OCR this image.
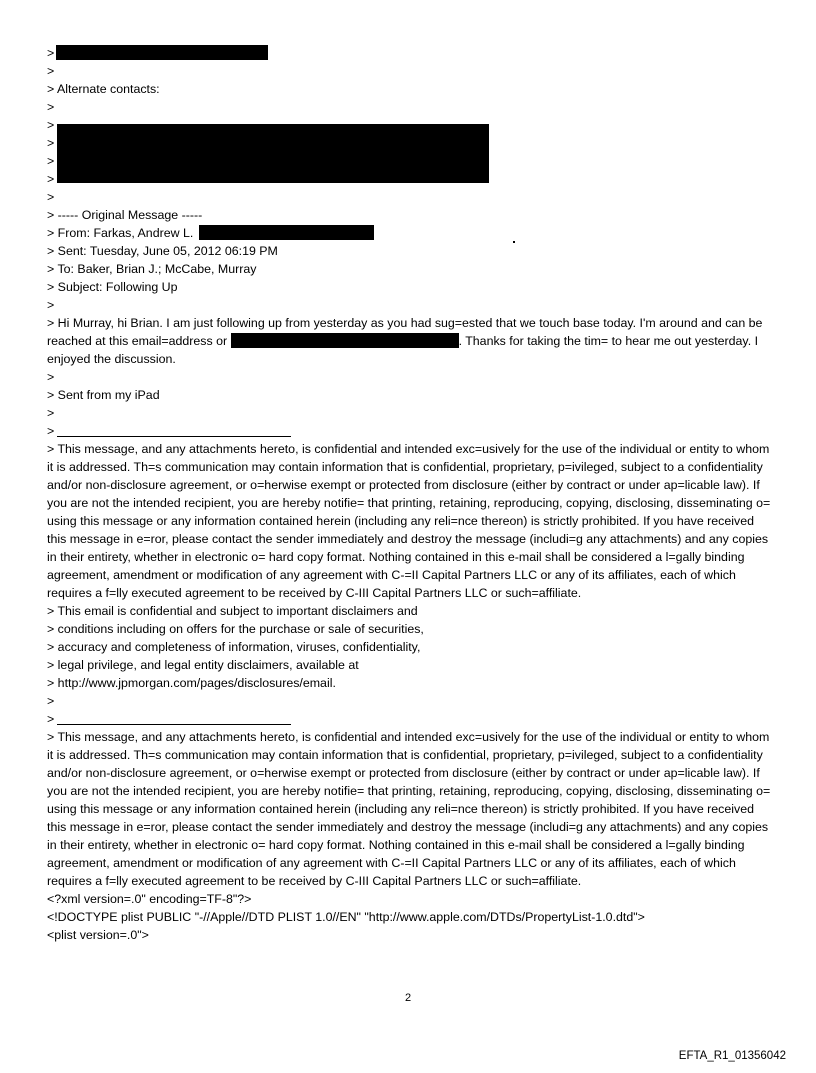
>
>
> Alternate contacts:
>
>
>
>
>
>
> ----- Original Message -----
> From: Farkas, Andrew L.
> Sent: Tuesday, June 05, 2012 06:19 PM
> To: Baker, Brian J.; McCabe, Murray
> Subject: Following Up
>
> Hi Murray, hi Brian. I am just following up from yesterday as you had sug=ested that we touch base today. I'm around and can be reached at this email=address or	. Thanks for taking the tim= to hear me out yesterday. I enjoyed the discussion.
>
> Sent from my iPad
>
>
> This message, and any attachments hereto, is confidential and intended exc=usively for the use of the individual or entity to whom it is addressed. Th=s communication may contain information that is confidential, proprietary, p=ivileged, subject to a confidentiality and/or non-disclosure agreement, or o=herwise exempt or protected from disclosure (either by contract or under ap=licable law). If you are not the intended recipient, you are hereby notifie= that printing, retaining, reproducing, copying, disclosing, disseminating o= using this message or any information contained herein (including any reli=nce thereon) is strictly prohibited. If you have received this message in e=ror, please contact the sender immediately and destroy the message (includi=g any attachments) and any copies in their entirety, whether in electronic o= hard copy format. Nothing contained in this e-mail shall be considered a l=gally binding agreement, amendment or modification of any agreement with C-=II Capital Partners LLC or any of its affiliates, each of which requires a f=lly executed agreement to be received by C-III Capital Partners LLC or such=affiliate.
> This email is confidential and subject to important disclaimers and
> conditions including on offers for the purchase or sale of securities,
> accuracy and completeness of information, viruses, confidentiality,
> legal privilege, and legal entity disclaimers, available at
> http://www.jpmorgan.com/pages/disclosures/email.
>
>
> This message, and any attachments hereto, is confidential and intended exc=usively for the use of the individual or entity to whom it is addressed. Th=s communication may contain information that is confidential, proprietary, p=ivileged, subject to a confidentiality and/or non-disclosure agreement, or o=herwise exempt or protected from disclosure (either by contract or under ap=licable law). If you are not the intended recipient, you are hereby notifie= that printing, retaining, reproducing, copying, disclosing, disseminating o= using this message or any information contained herein (including any reli=nce thereon) is strictly prohibited. If you have received this message in e=ror, please contact the sender immediately and destroy the message (includi=g any attachments) and any copies in their entirety, whether in electronic o= hard copy format. Nothing contained in this e-mail shall be considered a l=gally binding agreement, amendment or modification of any agreement with C-=II Capital Partners LLC or any of its affiliates, each of which requires a f=lly executed agreement to be received by C-III Capital Partners LLC or such=affiliate.
<?xml version=.0" encoding=TF-8"?>
<!DOCTYPE plist PUBLIC "-//Apple//DTD PLIST 1.0//EN" "http://www.apple.com/DTDs/PropertyList-1.0.dtd">
<plist version=.0">
2
EFTA_R1_01356042
